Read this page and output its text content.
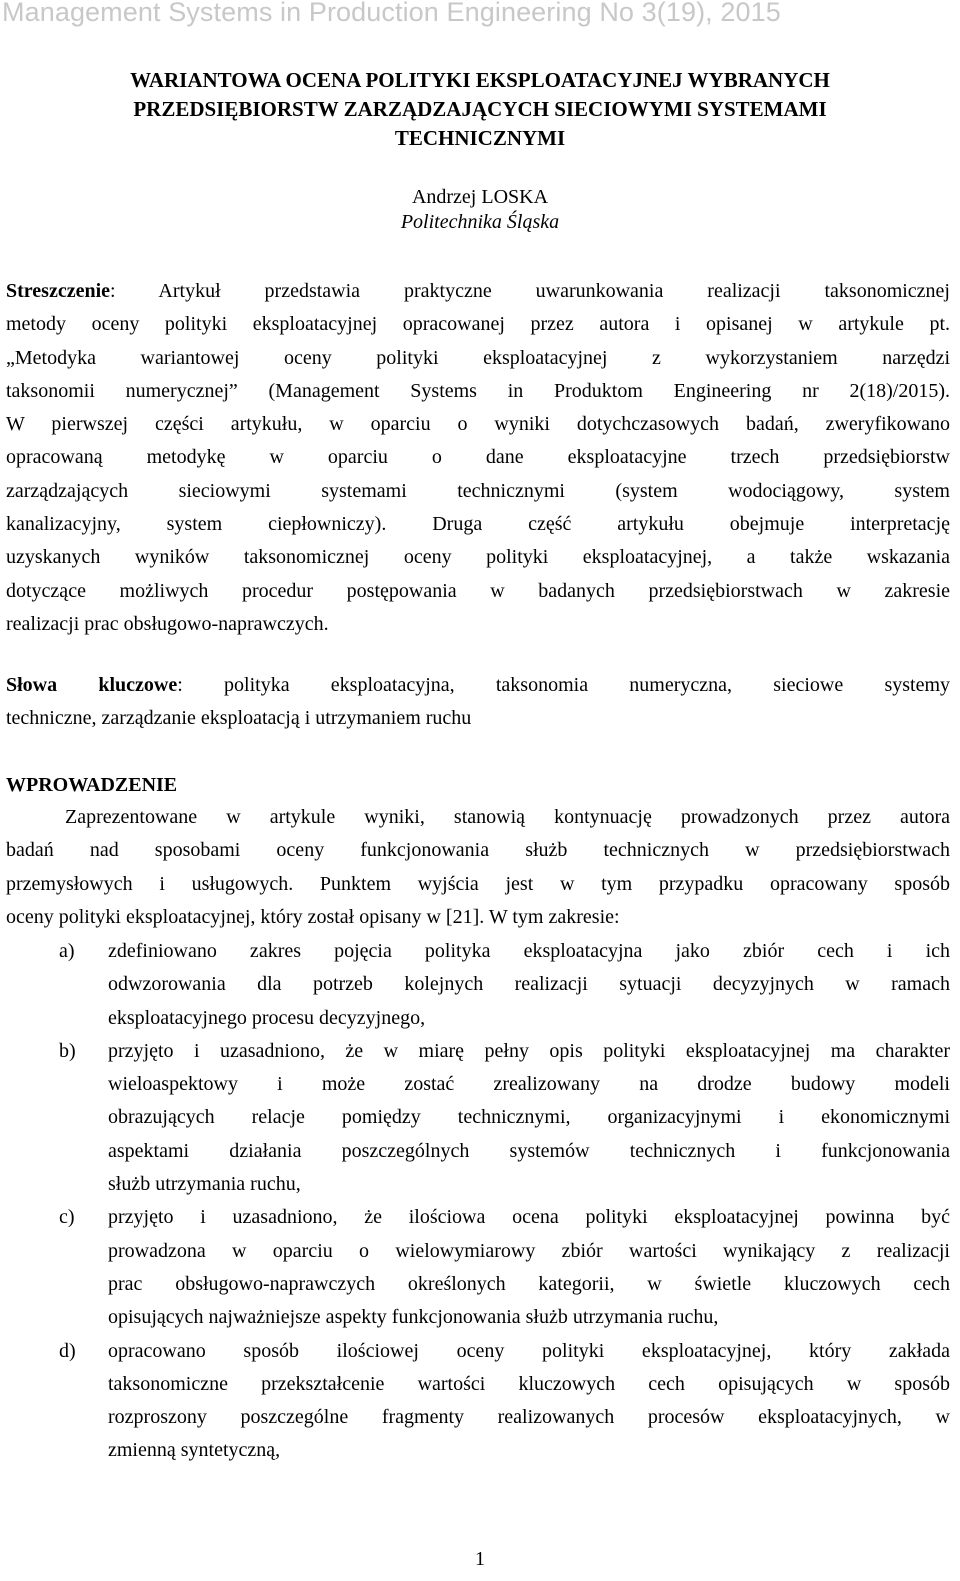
Management Systems in Production Engineering No 3(19), 2015
WARIANTOWA OCENA POLITYKI EKSPLOATACYJNEJ WYBRANYCH
PRZEDSIĘBIORSTW ZARZĄDZAJĄCYCH SIECIOWYMI SYSTEMAMI
TECHNICZNYMI
Andrzej LOSKA
Politechnika Śląska
Streszczenie: Artykuł przedstawia praktyczne uwarunkowania realizacji taksonomicznej
metody oceny polityki eksploatacyjnej opracowanej przez autora i opisanej w artykule pt.
„Metodyka wariantowej oceny polityki eksploatacyjnej z wykorzystaniem narzędzi
taksonomii numerycznej” (Management Systems in Produktom Engineering nr 2(18)/2015).
W pierwszej części artykułu, w oparciu o wyniki dotychczasowych badań, zweryfikowano
opracowaną metodykę w oparciu o dane eksploatacyjne trzech przedsiębiorstw
zarządzających sieciowymi systemami technicznymi (system wodociągowy, system
kanalizacyjny, system ciepłowniczy). Druga część artykułu obejmuje interpretację
uzyskanych wyników taksonomicznej oceny polityki eksploatacyjnej, a także wskazania
dotyczące możliwych procedur postępowania w badanych przedsiębiorstwach w zakresie
realizacji prac obsługowo-naprawczych.
Słowa kluczowe: polityka eksploatacyjna, taksonomia numeryczna, sieciowe systemy
techniczne, zarządzanie eksploatacją i utrzymaniem ruchu
WPROWADZENIE
Zaprezentowane w artykule wyniki, stanowią kontynuację prowadzonych przez autora
badań nad sposobami oceny funkcjonowania służb technicznych w przedsiębiorstwach
przemysłowych i usługowych. Punktem wyjścia jest w tym przypadku opracowany sposób
oceny polityki eksploatacyjnej, który został opisany w [21]. W tym zakresie:
a) zdefiniowano zakres pojęcia polityka eksploatacyjna jako zbiór cech i ich
odwzorowania dla potrzeb kolejnych realizacji sytuacji decyzyjnych w ramach
eksploatacyjnego procesu decyzyjnego,
b) przyjęto i uzasadniono, że w miarę pełny opis polityki eksploatacyjnej ma charakter
wieloaspektowy i może zostać zrealizowany na drodze budowy modeli
obrazujących relacje pomiędzy technicznymi, organizacyjnymi i ekonomicznymi
aspektami działania poszczególnych systemów technicznych i funkcjonowania
służb utrzymania ruchu,
c) przyjęto i uzasadniono, że ilościowa ocena polityki eksploatacyjnej powinna być
prowadzona w oparciu o wielowymiarowy zbiór wartości wynikający z realizacji
prac obsługowo-naprawczych określonych kategorii, w świetle kluczowych cech
opisujących najważniejsze aspekty funkcjonowania służb utrzymania ruchu,
d) opracowano sposób ilościowej oceny polityki eksploatacyjnej, który zakłada
taksonomiczne przekształcenie wartości kluczowych cech opisujących w sposób
rozproszony poszczególne fragmenty realizowanych procesów eksploatacyjnych, w
zmienną syntetyczną,
1
